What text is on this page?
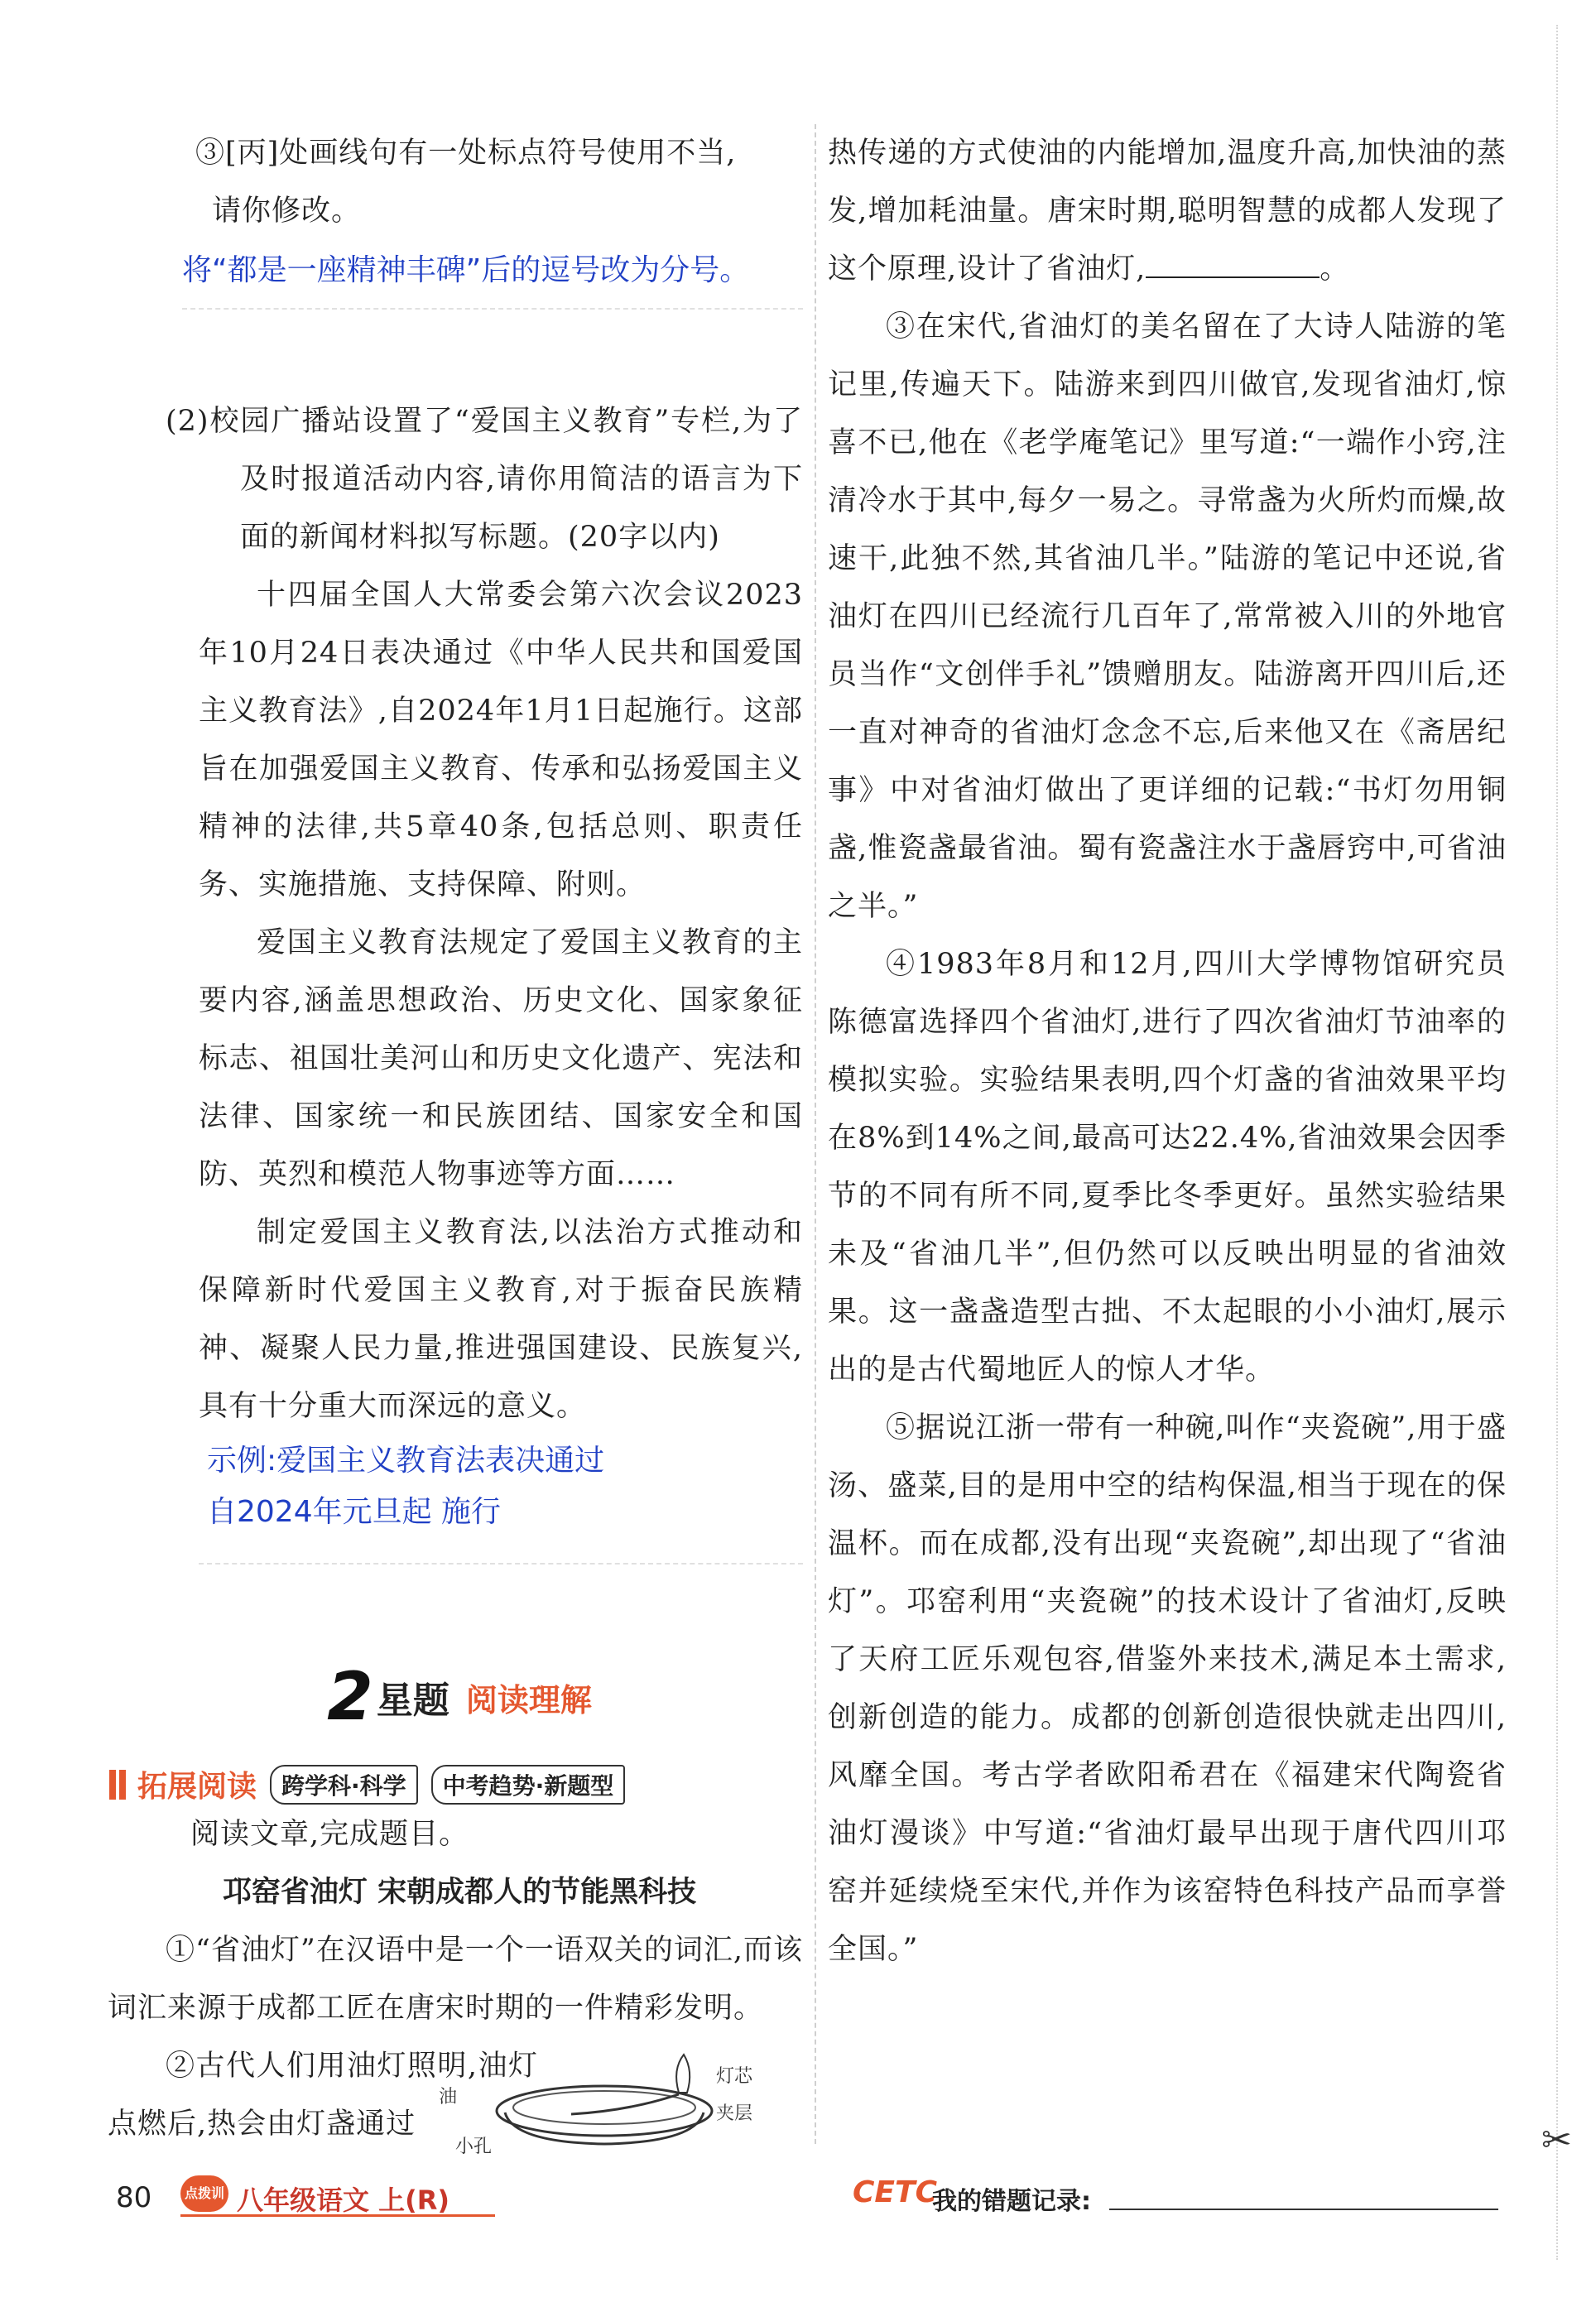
✂

③[丙]处画线句有一处标点符号使用不当,

请你修改。

将“都是一座精神丰碑”后的逗号改为分号。

(2)校园广播站设置了“爱国主义教育”专栏,为了及时报道活动内容,请你用简洁的语言为下面的新闻材料拟写标题。(20字以内)

十四届全国人大常委会第六次会议2023年10月24日表决通过《中华人民共和国爱国主义教育法》,自2024年1月1日起施行。这部旨在加强爱国主义教育、传承和弘扬爱国主义精神的法律,共5章40条,包括总则、职责任务、实施措施、支持保障、附则。

爱国主义教育法规定了爱国主义教育的主要内容,涵盖思想政治、历史文化、国家象征标志、祖国壮美河山和历史文化遗产、宪法和法律、国家统一和民族团结、国家安全和国防、英烈和模范人物事迹等方面……

制定爱国主义教育法,以法治方式推动和保障新时代爱国主义教育,对于振奋民族精神、凝聚人民力量,推进强国建设、民族复兴,具有十分重大而深远的意义。

示例:爱国主义教育法表决通过

自2024年元旦起 施行

2 星题 阅读理解
拓展阅读	跨学科·科学	中考趋势·新题型

阅读文章,完成题目。

邛窑省油灯 宋朝成都人的节能黑科技

①“省油灯”在汉语中是一个一语双关的词汇,而该词汇来源于成都工匠在唐宋时期的一件精彩发明。

②古代人们用油灯照明,油灯点燃后,热会由灯盏通过

油
灯芯
夹层
小孔

热传递的方式使油的内能增加,温度升高,加快油的蒸发,增加耗油量。唐宋时期,聪明智慧的成都人发现了这个原理,设计了省油灯,	。

③在宋代,省油灯的美名留在了大诗人陆游的笔记里,传遍天下。陆游来到四川做官,发现省油灯,惊喜不已,他在《老学庵笔记》里写道:“一端作小窍,注清冷水于其中,每夕一易之。寻常盏为火所灼而燥,故速干,此独不然,其省油几半。”陆游的笔记中还说,省油灯在四川已经流行几百年了,常常被入川的外地官员当作“文创伴手礼”馈赠朋友。陆游离开四川后,还一直对神奇的省油灯念念不忘,后来他又在《斋居纪事》中对省油灯做出了更详细的记载:“书灯勿用铜盏,惟瓷盏最省油。蜀有瓷盏注水于盏唇窍中,可省油之半。”

④1983年8月和12月,四川大学博物馆研究员陈德富选择四个省油灯,进行了四次省油灯节油率的模拟实验。实验结果表明,四个灯盏的省油效果平均在8%到14%之间,最高可达22.4%,省油效果会因季节的不同有所不同,夏季比冬季更好。虽然实验结果未及“省油几半”,但仍然可以反映出明显的省油效果。这一盏盏造型古拙、不太起眼的小小油灯,展示出的是古代蜀地匠人的惊人才华。

⑤据说江浙一带有一种碗,叫作“夹瓷碗”,用于盛汤、盛菜,目的是用中空的结构保温,相当于现在的保温杯。而在成都,没有出现“夹瓷碗”,却出现了“省油灯”。邛窑利用“夹瓷碗”的技术设计了省油灯,反映了天府工匠乐观包容,借鉴外来技术,满足本土需求,创新创造的能力。成都的创新创造很快就走出四川,风靡全国。考古学者欧阳希君在《福建宋代陶瓷省油灯漫谈》中写道:“省油灯最早出现于唐代四川邛窑并延续烧至宋代,并作为该窑特色科技产品而享誉全国。”

80	点拨训练
八年级语文 上(R)	CETC
我的错题记录:
